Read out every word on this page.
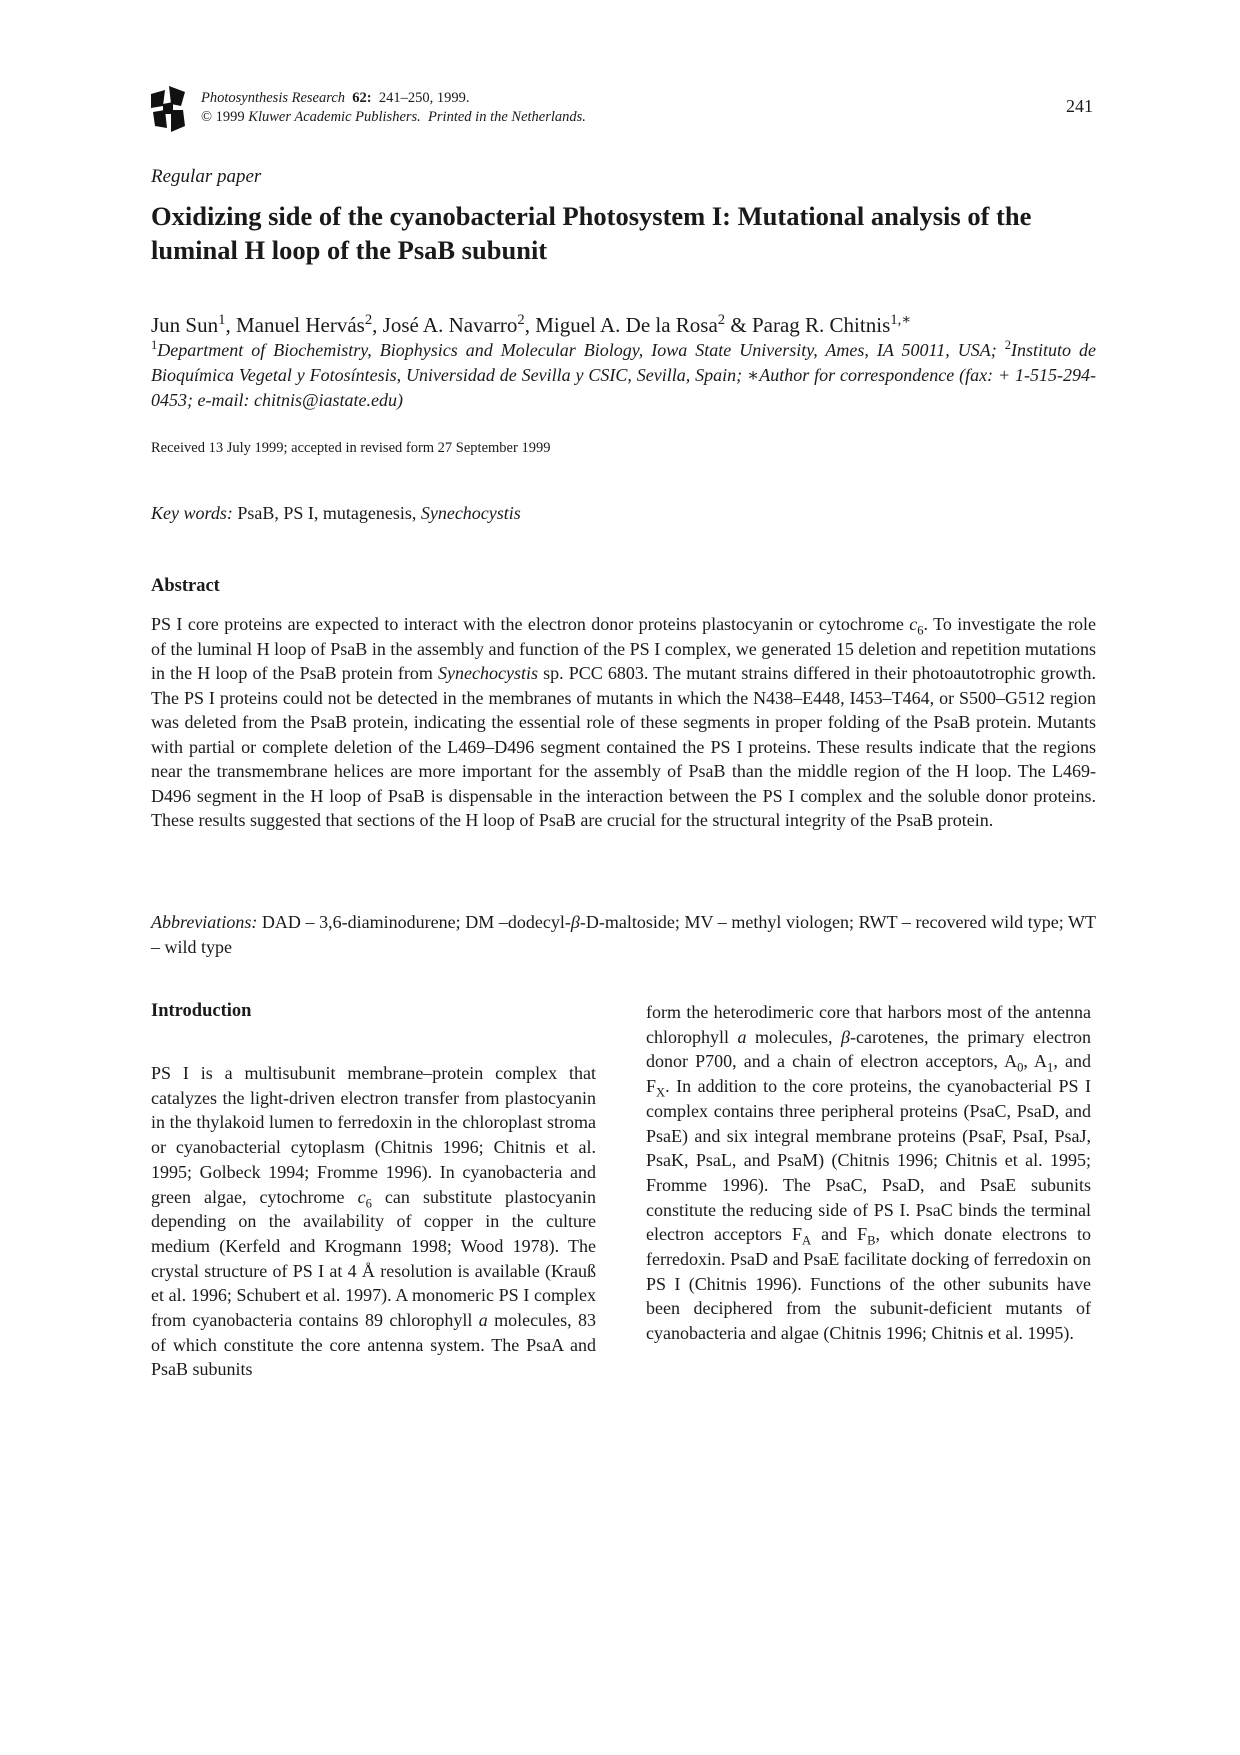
Photosynthesis Research 62: 241–250, 1999.
© 1999 Kluwer Academic Publishers. Printed in the Netherlands.
241
Regular paper
Oxidizing side of the cyanobacterial Photosystem I: Mutational analysis of the luminal H loop of the PsaB subunit
Jun Sun$^1$, Manuel Hervás$^2$, José A. Navarro$^2$, Miguel A. De la Rosa$^2$ & Parag R. Chitnis$^{1,∗}$
$^1$Department of Biochemistry, Biophysics and Molecular Biology, Iowa State University, Ames, IA 50011, USA; $^2$Instituto de Bioquímica Vegetal y Fotosíntesis, Universidad de Sevilla y CSIC, Sevilla, Spain; ∗Author for correspondence (fax: + 1-515-294-0453; e-mail: chitnis@iastate.edu)
Received 13 July 1999; accepted in revised form 27 September 1999
Key words: PsaB, PS I, mutagenesis, Synechocystis
Abstract
PS I core proteins are expected to interact with the electron donor proteins plastocyanin or cytochrome $c_6$. To investigate the role of the luminal H loop of PsaB in the assembly and function of the PS I complex, we generated 15 deletion and repetition mutations in the H loop of the PsaB protein from Synechocystis sp. PCC 6803. The mutant strains differed in their photoautotrophic growth. The PS I proteins could not be detected in the membranes of mutants in which the N438–E448, I453–T464, or S500–G512 region was deleted from the PsaB protein, indicating the essential role of these segments in proper folding of the PsaB protein. Mutants with partial or complete deletion of the L469–D496 segment contained the PS I proteins. These results indicate that the regions near the transmembrane helices are more important for the assembly of PsaB than the middle region of the H loop. The L469-D496 segment in the H loop of PsaB is dispensable in the interaction between the PS I complex and the soluble donor proteins. These results suggested that sections of the H loop of PsaB are crucial for the structural integrity of the PsaB protein.
Abbreviations: DAD – 3,6-diaminodurene; DM –dodecyl-β-D-maltoside; MV – methyl viologen; RWT – recovered wild type; WT – wild type
Introduction
PS I is a multisubunit membrane–protein complex that catalyzes the light-driven electron transfer from plastocyanin in the thylakoid lumen to ferredoxin in the chloroplast stroma or cyanobacterial cytoplasm (Chitnis 1996; Chitnis et al. 1995; Golbeck 1994; Fromme 1996). In cyanobacteria and green algae, cytochrome $c_6$ can substitute plastocyanin depending on the availability of copper in the culture medium (Kerfeld and Krogmann 1998; Wood 1978). The crystal structure of PS I at 4 Å resolution is available (Krauß et al. 1996; Schubert et al. 1997). A monomeric PS I complex from cyanobacteria contains 89 chlorophyll a molecules, 83 of which constitute the core antenna system. The PsaA and PsaB subunits
form the heterodimeric core that harbors most of the antenna chlorophyll a molecules, β-carotenes, the primary electron donor P700, and a chain of electron acceptors, $A_0$, $A_1$, and $F_X$. In addition to the core proteins, the cyanobacterial PS I complex contains three peripheral proteins (PsaC, PsaD, and PsaE) and six integral membrane proteins (PsaF, PsaI, PsaJ, PsaK, PsaL, and PsaM) (Chitnis 1996; Chitnis et al. 1995; Fromme 1996). The PsaC, PsaD, and PsaE subunits constitute the reducing side of PS I. PsaC binds the terminal electron acceptors $F_A$ and $F_B$, which donate electrons to ferredoxin. PsaD and PsaE facilitate docking of ferredoxin on PS I (Chitnis 1996). Functions of the other subunits have been deciphered from the subunit-deficient mutants of cyanobacteria and algae (Chitnis 1996; Chitnis et al. 1995).
